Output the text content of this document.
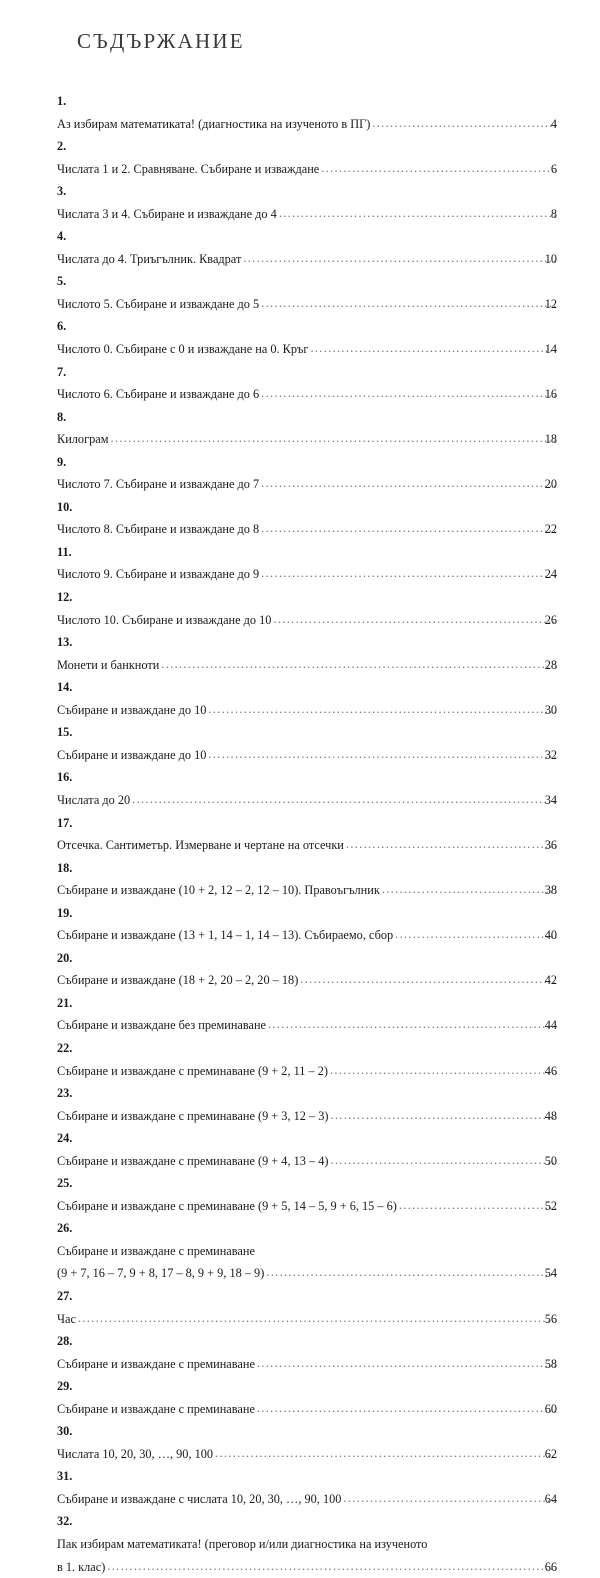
СЪДЪРЖАНИЕ
1.
Аз избирам математиката! (диагностика на изученото в ПГ) .....	4
2.
Числата 1 и 2. Сравняване. Събиране и изваждане .....	6
3.
Числата 3 и 4. Събиране и изваждане до 4 .....	8
4.
Числата до 4. Триъгълник. Квадрат .....	10
5.
Числото 5. Събиране и изваждане до 5 .....	12
6.
Числото 0. Събиране с 0 и изваждане на 0. Кръг .....	14
7.
Числото 6. Събиране и изваждане до 6 .....	16
8.
Килограм .....	18
9.
Числото 7. Събиране и изваждане до 7 .....	20
10.
Числото 8. Събиране и изваждане до 8 .....	22
11.
Числото 9. Събиране и изваждане до 9 .....	24
12.
Числото 10. Събиране и изваждане до 10 .....	26
13.
Монети и банкноти .....	28
14.
Събиране и изваждане до 10 .....	30
15.
Събиране и изваждане до 10 .....	32
16.
Числата до 20 .....	34
17.
Отсечка. Сантиметър. Измерване и чертане на отсечки .....	36
18.
Събиране и изваждане (10 + 2, 12 – 2, 12 – 10). Правоъгълник .....	38
19.
Събиране и изваждане (13 + 1, 14 – 1, 14 – 13). Събираемо, сбор .....	40
20.
Събиране и изваждане (18 + 2, 20 – 2, 20 – 18) .....	42
21.
Събиране и изваждане без преминаване .....	44
22.
Събиране и изваждане с преминаване (9 + 2, 11 – 2) .....	46
23.
Събиране и изваждане с преминаване (9 + 3, 12 – 3) .....	48
24.
Събиране и изваждане с преминаване (9 + 4, 13 – 4) .....	50
25.
Събиране и изваждане с преминаване (9 + 5, 14 – 5, 9 + 6, 15 – 6) .....	52
26.
Събиране и изваждане с преминаване
(9 + 7, 16 – 7, 9 + 8, 17 – 8, 9 + 9, 18 – 9) .....	54
27.
Час .....	56
28.
Събиране и изваждане с преминаване .....	58
29.
Събиране и изваждане с преминаване .....	60
30.
Числата 10, 20, 30, …, 90, 100 .....	62
31.
Събиране и изваждане с числата 10, 20, 30, …, 90, 100 .....	64
32.
Пак избирам математиката! (преговор и/или диагностика на изученото
в 1. клас) .....	66
